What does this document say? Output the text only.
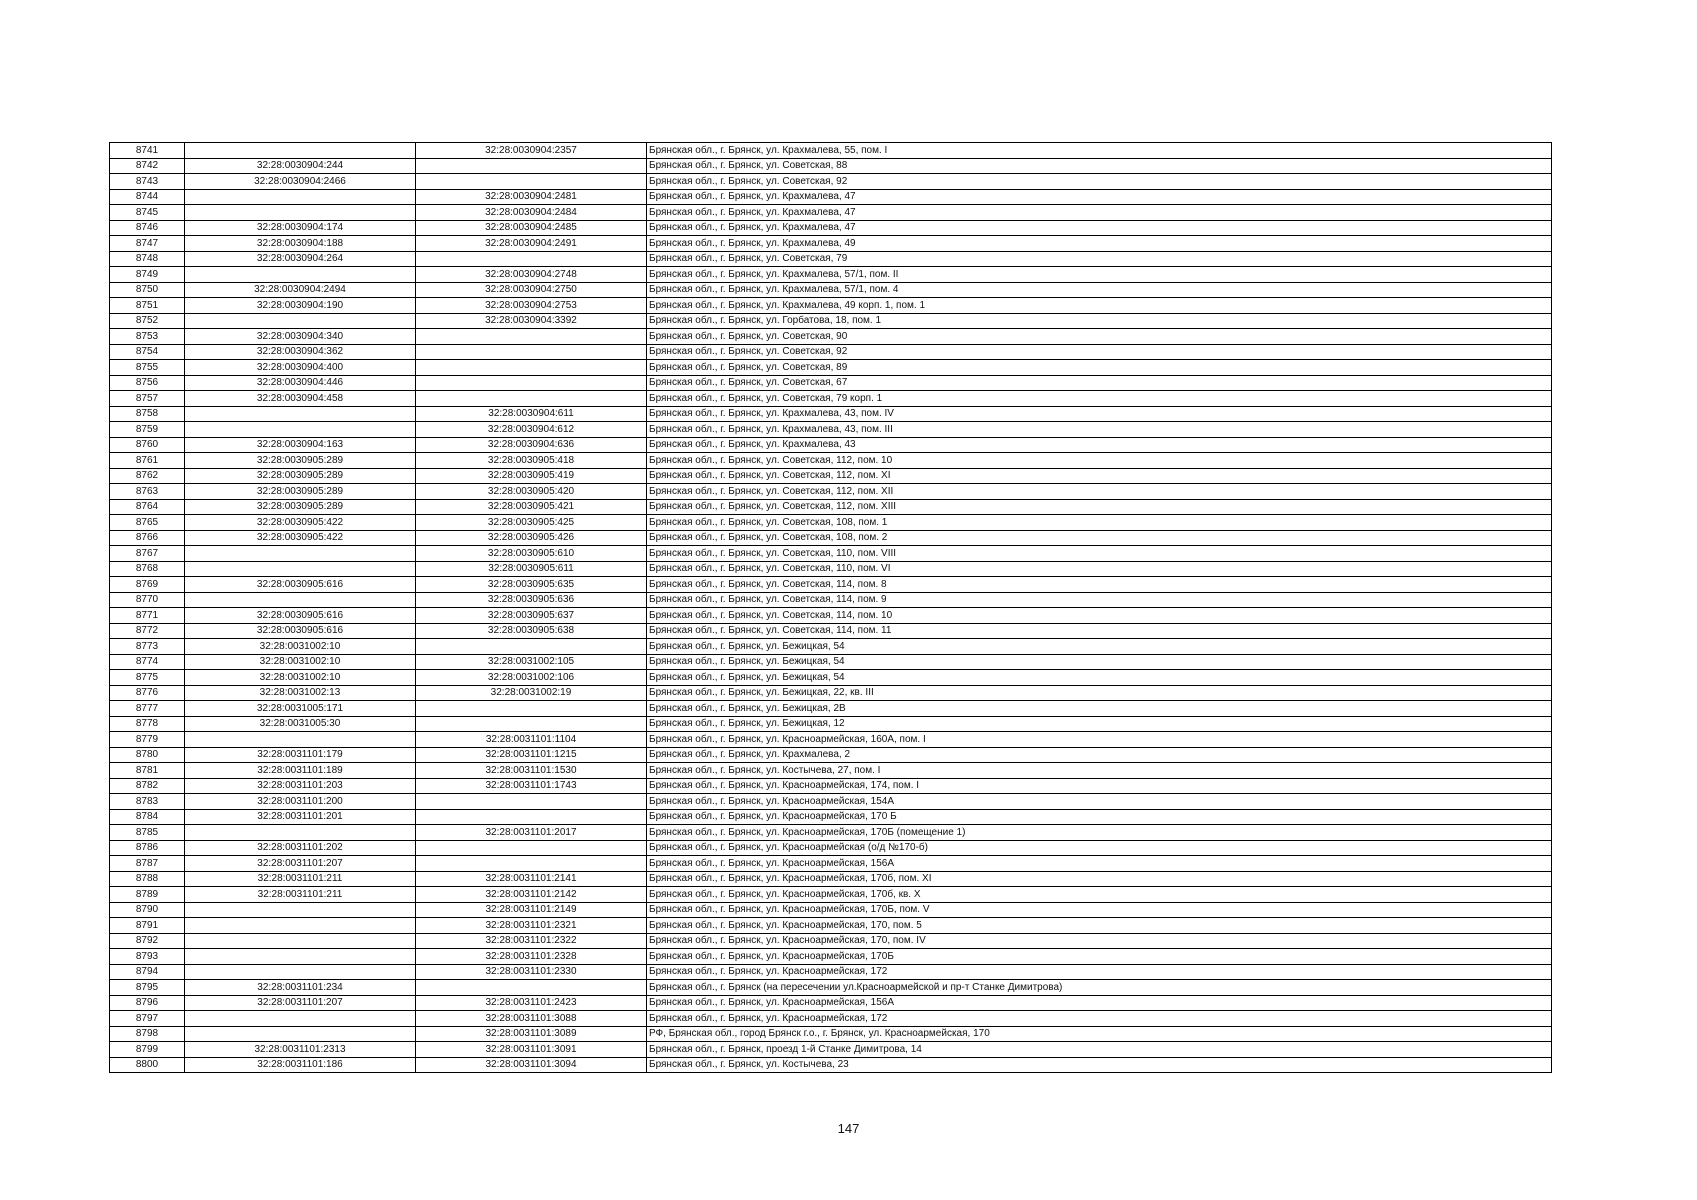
8741		32:28:0030904:2357	Брянская обл., г. Брянск, ул. Крахмалева, 55, пом. I
8742	32:28:0030904:244		Брянская обл., г. Брянск, ул. Советская, 88
8743	32:28:0030904:2466		Брянская обл., г. Брянск, ул. Советская, 92
8744		32:28:0030904:2481	Брянская обл., г. Брянск, ул. Крахмалева, 47
8745		32:28:0030904:2484	Брянская обл., г. Брянск, ул. Крахмалева, 47
8746	32:28:0030904:174	32:28:0030904:2485	Брянская обл., г. Брянск, ул. Крахмалева, 47
8747	32:28:0030904:188	32:28:0030904:2491	Брянская обл., г. Брянск, ул. Крахмалева, 49
8748	32:28:0030904:264		Брянская обл., г. Брянск, ул. Советская, 79
8749		32:28:0030904:2748	Брянская обл., г. Брянск, ул. Крахмалева, 57/1, пом. II
8750	32:28:0030904:2494	32:28:0030904:2750	Брянская обл., г. Брянск, ул. Крахмалева, 57/1, пом. 4
8751	32:28:0030904:190	32:28:0030904:2753	Брянская обл., г. Брянск, ул. Крахмалева, 49 корп. 1, пом. 1
8752		32:28:0030904:3392	Брянская обл., г. Брянск, ул. Горбатова, 18, пом. 1
8753	32:28:0030904:340		Брянская обл., г. Брянск, ул. Советская, 90
8754	32:28:0030904:362		Брянская обл., г. Брянск, ул. Советская, 92
8755	32:28:0030904:400		Брянская обл., г. Брянск, ул. Советская, 89
8756	32:28:0030904:446		Брянская обл., г. Брянск, ул. Советская, 67
8757	32:28:0030904:458		Брянская обл., г. Брянск, ул. Советская, 79 корп. 1
8758		32:28:0030904:611	Брянская обл., г. Брянск, ул. Крахмалева, 43, пом. IV
8759		32:28:0030904:612	Брянская обл., г. Брянск, ул. Крахмалева, 43, пом. III
8760	32:28:0030904:163	32:28:0030904:636	Брянская обл., г. Брянск, ул. Крахмалева, 43
8761	32:28:0030905:289	32:28:0030905:418	Брянская обл., г. Брянск, ул. Советская, 112, пом. 10
8762	32:28:0030905:289	32:28:0030905:419	Брянская обл., г. Брянск, ул. Советская, 112, пом. XI
8763	32:28:0030905:289	32:28:0030905:420	Брянская обл., г. Брянск, ул. Советская, 112, пом. XII
8764	32:28:0030905:289	32:28:0030905:421	Брянская обл., г. Брянск, ул. Советская, 112, пом. XIII
8765	32:28:0030905:422	32:28:0030905:425	Брянская обл., г. Брянск, ул. Советская, 108, пом. 1
8766	32:28:0030905:422	32:28:0030905:426	Брянская обл., г. Брянск, ул. Советская, 108, пом. 2
8767		32:28:0030905:610	Брянская обл., г. Брянск, ул. Советская, 110, пом. VIII
8768		32:28:0030905:611	Брянская обл., г. Брянск, ул. Советская, 110, пом. VI
8769	32:28:0030905:616	32:28:0030905:635	Брянская обл., г. Брянск, ул. Советская, 114, пом. 8
8770		32:28:0030905:636	Брянская обл., г. Брянск, ул. Советская, 114, пом. 9
8771	32:28:0030905:616	32:28:0030905:637	Брянская обл., г. Брянск, ул. Советская, 114, пом. 10
8772	32:28:0030905:616	32:28:0030905:638	Брянская обл., г. Брянск, ул. Советская, 114, пом. 11
8773	32:28:0031002:10		Брянская обл., г. Брянск, ул. Бежицкая, 54
8774	32:28:0031002:10	32:28:0031002:105	Брянская обл., г. Брянск, ул. Бежицкая, 54
8775	32:28:0031002:10	32:28:0031002:106	Брянская обл., г. Брянск, ул. Бежицкая, 54
8776	32:28:0031002:13	32:28:0031002:19	Брянская обл., г. Брянск, ул. Бежицкая, 22, кв. III
8777	32:28:0031005:171		Брянская обл., г. Брянск, ул. Бежицкая, 2В
8778	32:28:0031005:30		Брянская обл., г. Брянск, ул. Бежицкая, 12
8779		32:28:0031101:1104	Брянская обл., г. Брянск, ул. Красноармейская, 160А, пом. I
8780	32:28:0031101:179	32:28:0031101:1215	Брянская обл., г. Брянск, ул. Крахмалева, 2
8781	32:28:0031101:189	32:28:0031101:1530	Брянская обл., г. Брянск, ул. Костычева, 27, пом. I
8782	32:28:0031101:203	32:28:0031101:1743	Брянская обл., г. Брянск, ул. Красноармейская, 174, пом. I
8783	32:28:0031101:200		Брянская обл., г. Брянск, ул. Красноармейская, 154А
8784	32:28:0031101:201		Брянская обл., г. Брянск, ул. Красноармейская, 170 Б
8785		32:28:0031101:2017	Брянская обл., г. Брянск, ул. Красноармейская, 170Б (помещение 1)
8786	32:28:0031101:202		Брянская обл., г. Брянск, ул. Красноармейская (о/д №170-б)
8787	32:28:0031101:207		Брянская обл., г. Брянск, ул. Красноармейская, 156А
8788	32:28:0031101:211	32:28:0031101:2141	Брянская обл., г. Брянск, ул. Красноармейская, 170б, пом. XI
8789	32:28:0031101:211	32:28:0031101:2142	Брянская обл., г. Брянск, ул. Красноармейская, 170б, кв. X
8790		32:28:0031101:2149	Брянская обл., г. Брянск, ул. Красноармейская, 170Б, пом. V
8791		32:28:0031101:2321	Брянская обл., г. Брянск, ул. Красноармейская, 170, пом. 5
8792		32:28:0031101:2322	Брянская обл., г. Брянск, ул. Красноармейская, 170, пом. IV
8793		32:28:0031101:2328	Брянская обл., г. Брянск, ул. Красноармейская, 170Б
8794		32:28:0031101:2330	Брянская обл., г. Брянск, ул. Красноармейская, 172
8795	32:28:0031101:234		Брянская обл., г. Брянск (на пересечении ул.Красноармейской и пр-т Станке Димитрова)
8796	32:28:0031101:207	32:28:0031101:2423	Брянская обл., г. Брянск, ул. Красноармейская, 156А
8797		32:28:0031101:3088	Брянская обл., г. Брянск, ул. Красноармейская, 172
8798		32:28:0031101:3089	РФ, Брянская обл., город Брянск г.о., г. Брянск, ул. Красноармейская, 170
8799	32:28:0031101:2313	32:28:0031101:3091	Брянская обл., г. Брянск, проезд 1-й Станке Димитрова, 14
8800	32:28:0031101:186	32:28:0031101:3094	Брянская обл., г. Брянск, ул. Костычева, 23
147
